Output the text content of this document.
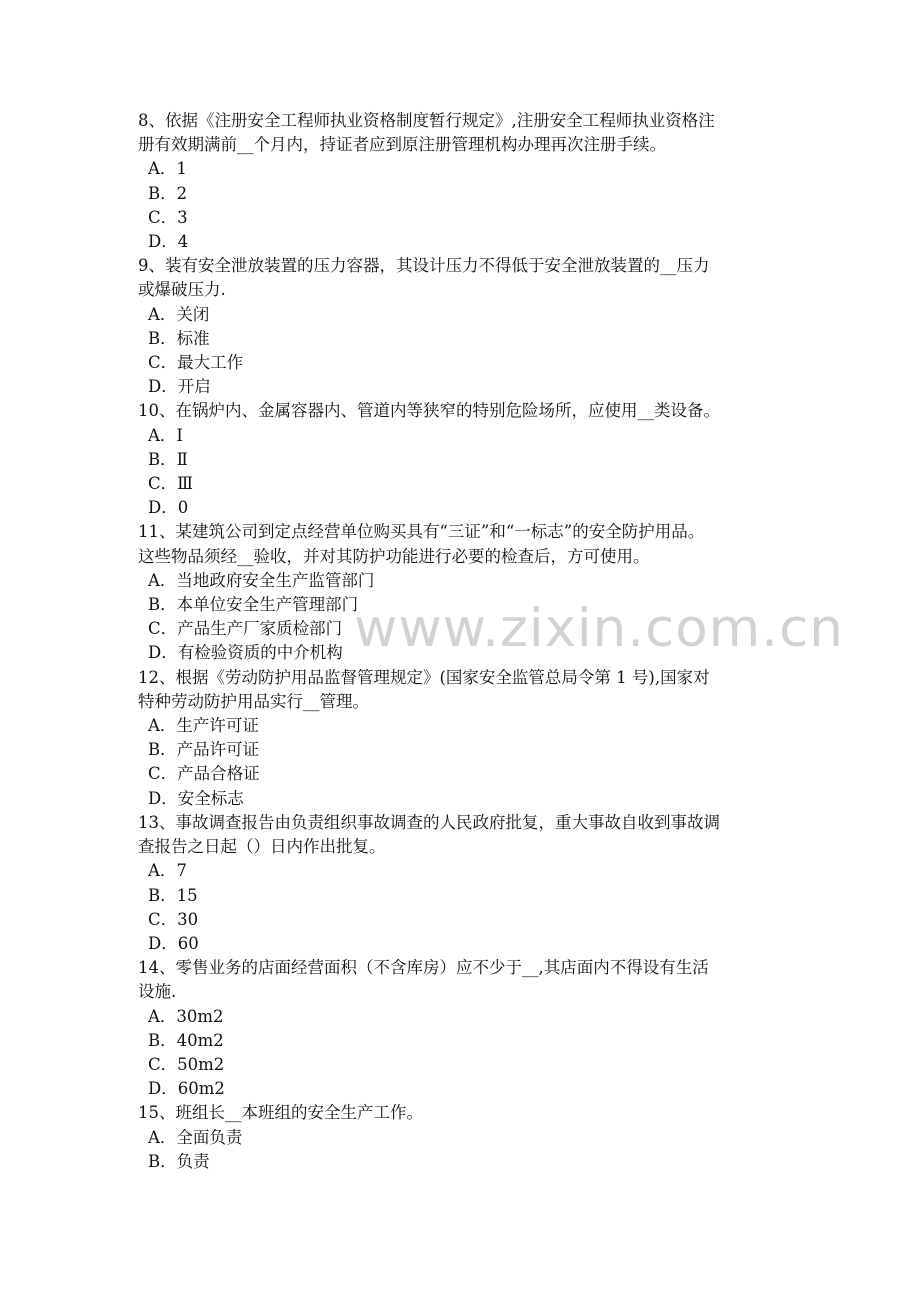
www.zixin.com.cn
8、依据《注册安全工程师执业资格制度暂行规定》,注册安全工程师执业资格注
册有效期满前__个月内，持证者应到原注册管理机构办理再次注册手续。
A．1
B．2
C．3
D．4
9、装有安全泄放装置的压力容器，其设计压力不得低于安全泄放装置的__压力
或爆破压力.
A．关闭
B．标准
C．最大工作
D．开启
10、在锅炉内、金属容器内、管道内等狭窄的特别危险场所，应使用__类设备。
A．Ⅰ
B．Ⅱ
C．Ⅲ
D．0
11、某建筑公司到定点经营单位购买具有“三证”和“一标志”的安全防护用品。
这些物品须经__验收，并对其防护功能进行必要的检查后，方可使用。
A．当地政府安全生产监管部门
B．本单位安全生产管理部门
C．产品生产厂家质检部门
D．有检验资质的中介机构
12、根据《劳动防护用品监督管理规定》(国家安全监管总局令第 1 号),国家对
特种劳动防护用品实行__管理。
A．生产许可证
B．产品许可证
C．产品合格证
D．安全标志
13、事故调查报告由负责组织事故调查的人民政府批复，重大事故自收到事故调
查报告之日起（）日内作出批复。
A．7
B．15
C．30
D．60
14、零售业务的店面经营面积（不含库房）应不少于__,其店面内不得设有生活
设施.
A．30m2
B．40m2
C．50m2
D．60m2
15、班组长__本班组的安全生产工作。
A．全面负责
B．负责
